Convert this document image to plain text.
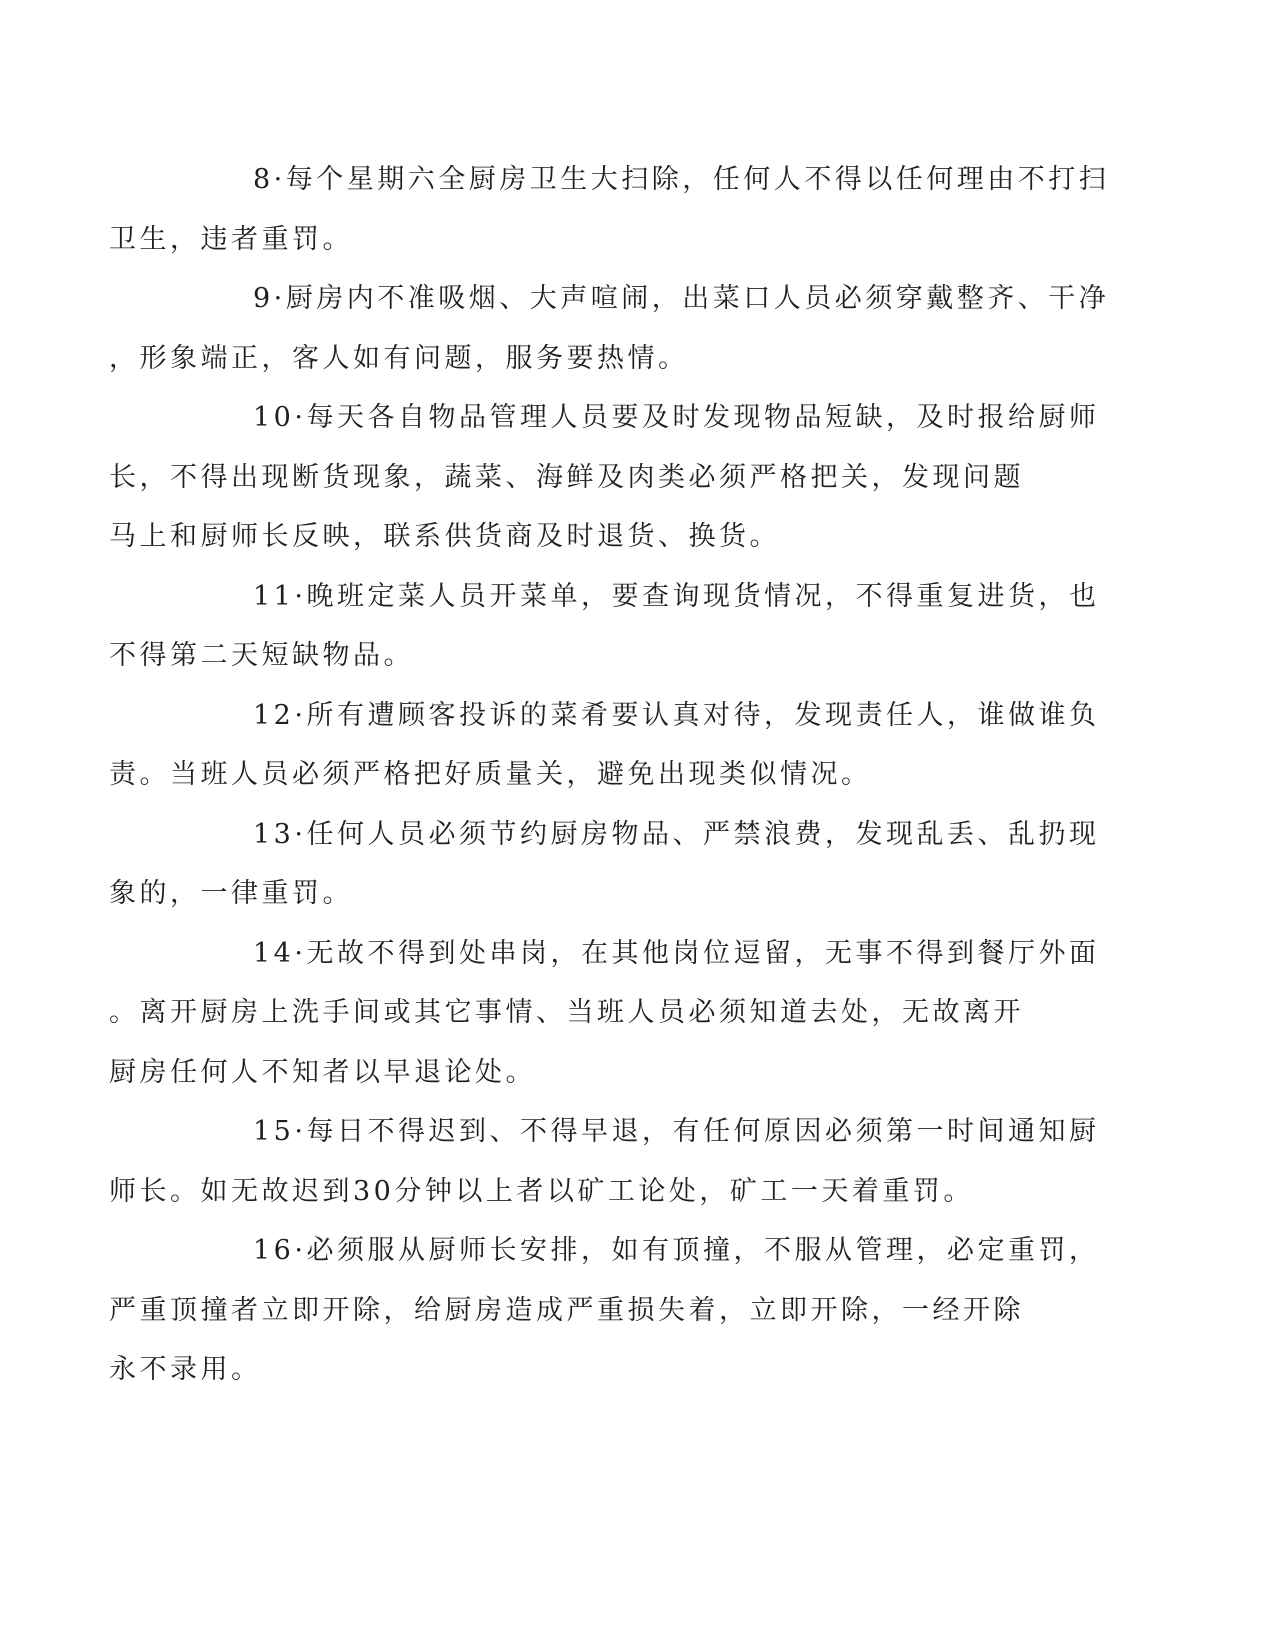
8·每个星期六全厨房卫生大扫除，任何人不得以任何理由不打扫
卫生，违者重罚。

9·厨房内不准吸烟、大声喧闹，出菜口人员必须穿戴整齐、干净
，形象端正，客人如有问题，服务要热情。

10·每天各自物品管理人员要及时发现物品短缺，及时报给厨师
长，不得出现断货现象，蔬菜、海鲜及肉类必须严格把关，发现问题
马上和厨师长反映，联系供货商及时退货、换货。

11·晚班定菜人员开菜单，要查询现货情况，不得重复进货，也
不得第二天短缺物品。

12·所有遭顾客投诉的菜肴要认真对待，发现责任人，谁做谁负
责。当班人员必须严格把好质量关，避免出现类似情况。

13·任何人员必须节约厨房物品、严禁浪费，发现乱丢、乱扔现
象的，一律重罚。

14·无故不得到处串岗，在其他岗位逗留，无事不得到餐厅外面
。离开厨房上洗手间或其它事情、当班人员必须知道去处，无故离开
厨房任何人不知者以早退论处。

15·每日不得迟到、不得早退，有任何原因必须第一时间通知厨
师长。如无故迟到30分钟以上者以矿工论处，矿工一天着重罚。

16·必须服从厨师长安排，如有顶撞，不服从管理，必定重罚，
严重顶撞者立即开除，给厨房造成严重损失着，立即开除，一经开除
永不录用。
